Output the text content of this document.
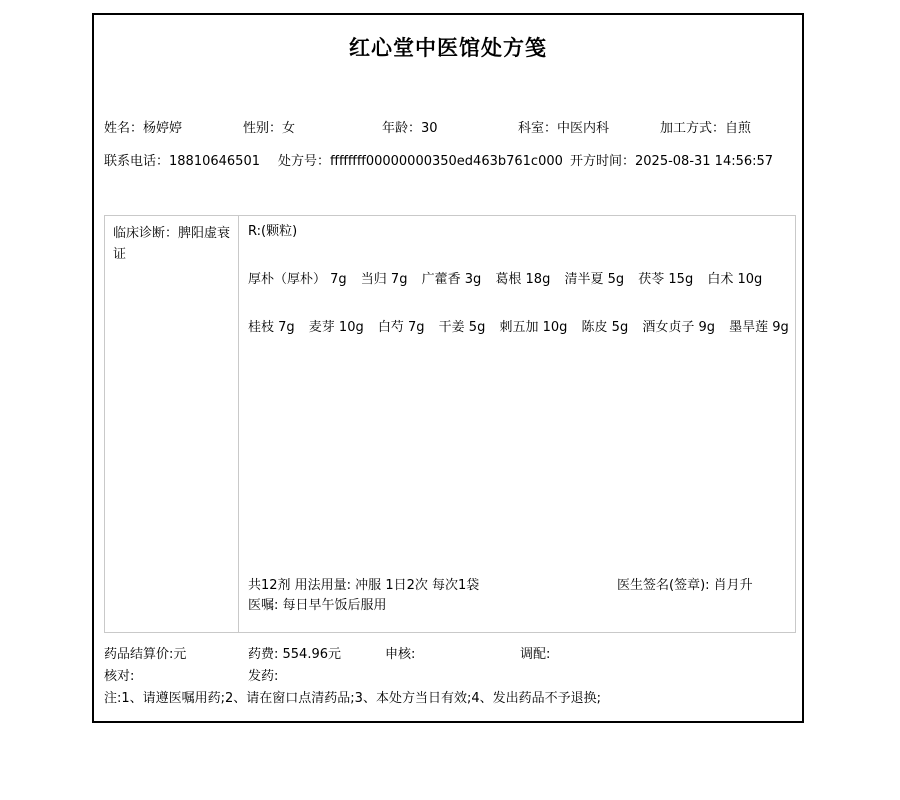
红心堂中医馆处方笺
姓名：杨婷婷	性别：女	年龄：30	科室：中医内科	加工方式：自煎
联系电话：18810646501 处方号：ffffffff00000000350ed463b761c000 开方时间：2025-08-31 14:56:57
临床诊断：脾阳虚衰证
R:(颗粒)
厚朴（厚朴） 7g 当归 7g 广藿香 3g 葛根 18g 清半夏 5g 茯苓 15g 白术 10g
桂枝 7g 麦芽 10g 白芍 7g 干姜 5g 刺五加 10g 陈皮 5g 酒女贞子 9g 墨旱莲 9g
共12剂 用法用量: 冲服 1日2次 每次1袋	医生签名(签章): 肖月升
医嘱: 每日早午饭后服用
药品结算价:元	药费: 554.96元	申核:	调配:
核对:	发药:
注:1、请遵医嘱用药;2、请在窗口点清药品;3、本处方当日有效;4、发出药品不予退换;
